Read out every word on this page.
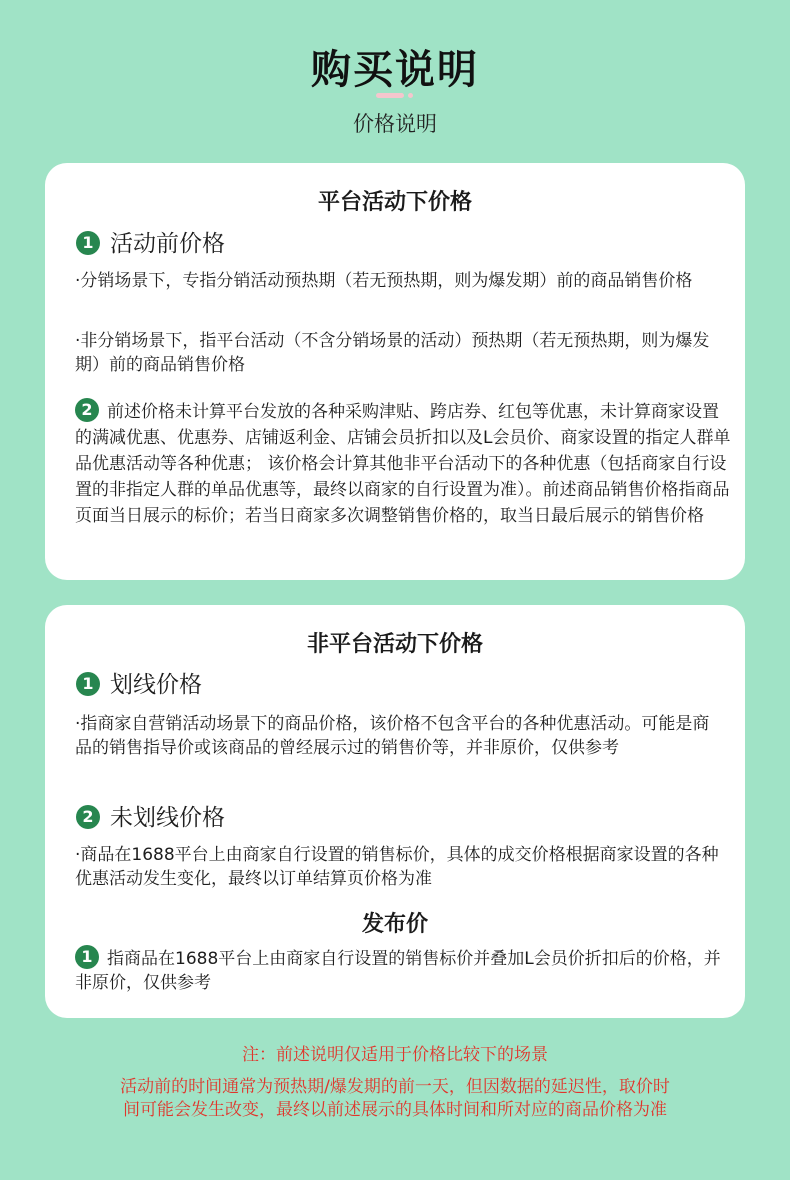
购买说明
价格说明
平台活动下价格
1 活动前价格
·分销场景下，专指分销活动预热期（若无预热期，则为爆发期）前的商品销售价格
·非分销场景下，指平台活动（不含分销场景的活动）预热期（若无预热期，则为爆发期）前的商品销售价格
2 前述价格未计算平台发放的各种采购津贴、跨店券、红包等优惠，未计算商家设置的满减优惠、优惠券、店铺返利金、店铺会员折扣以及L会员价、商家设置的指定人群单品优惠活动等各种优惠； 该价格会计算其他非平台活动下的各种优惠（包括商家自行设置的非指定人群的单品优惠等，最终以商家的自行设置为准）。前述商品销售价格指商品页面当日展示的标价；若当日商家多次调整销售价格的，取当日最后展示的销售价格
非平台活动下价格
1 划线价格
·指商家自营销活动场景下的商品价格，该价格不包含平台的各种优惠活动。可能是商品的销售指导价或该商品的曾经展示过的销售价等，并非原价，仅供参考
2 未划线价格
·商品在1688平台上由商家自行设置的销售标价，具体的成交价格根据商家设置的各种优惠活动发生变化，最终以订单结算页价格为准
发布价
1 指商品在1688平台上由商家自行设置的销售标价并叠加L会员价折扣后的价格，并非原价，仅供参考
注：前述说明仅适用于价格比较下的场景
活动前的时间通常为预热期/爆发期的前一天，但因数据的延迟性，取价时间可能会发生改变，最终以前述展示的具体时间和所对应的商品价格为准
